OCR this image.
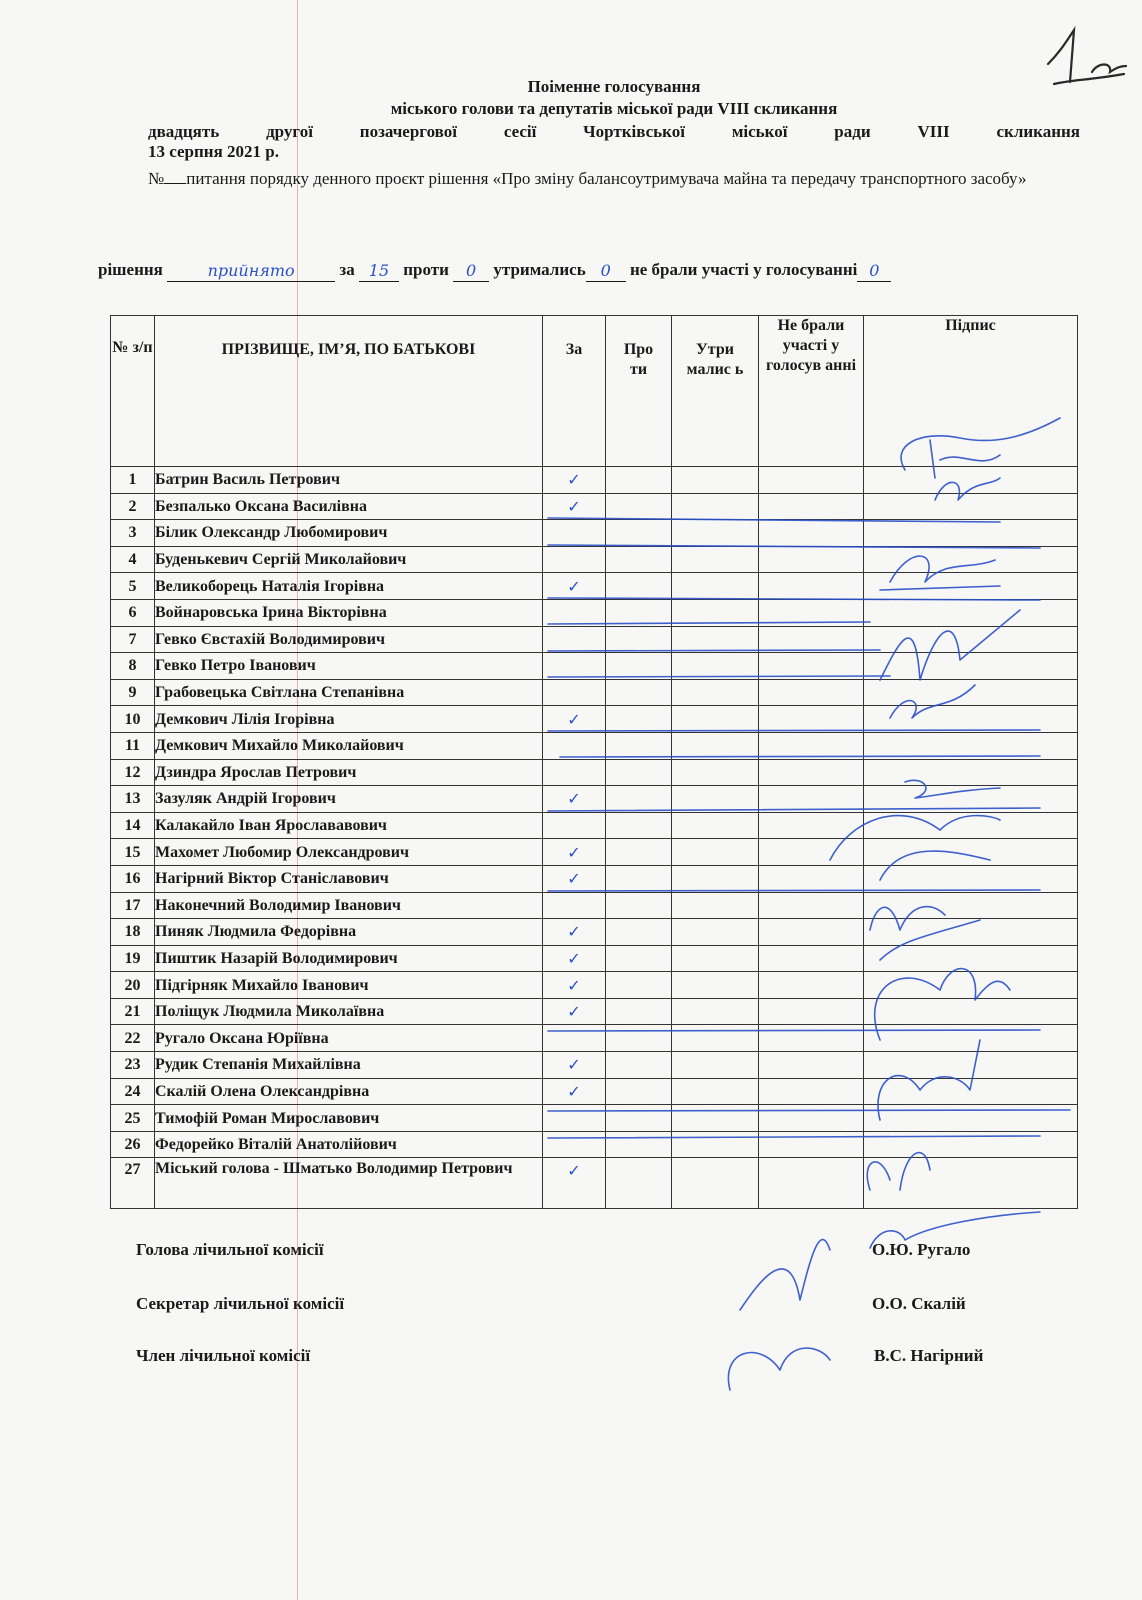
Поіменне голосування
міського голови та депутатів міської ради VIII скликання
двадцять другої позачергової сесії Чортківської міської ради VIII скликання
13 серпня 2021 р.
№ питання порядку денного проєкт рішення «Про зміну балансоутримувача майна та передачу транспортного засобу»
рішення	прийнято	за 15 проти 0 утримались 0 не брали участі у голосуванні 0
№ з/п	ПРІЗВИЩЕ, ІМ’Я, ПО БАТЬКОВІ	За	Про ти	Утри малис ь	Не брали участі у голосув анні	Підпис
1	Батрин Василь Петрович	✓				
2	Безпалько Оксана Василівна	✓				
3	Білик Олександр Любомирович					
4	Буденькевич Сергій Миколайович					
5	Великоборець Наталія Ігорівна	✓				
6	Войнаровська Ірина Вікторівна					
7	Гевко Євстахій Володимирович					
8	Гевко Петро Іванович					
9	Грабовецька Світлана Степанівна					
10	Демкович Лілія Ігорівна	✓				
11	Демкович Михайло Миколайович					
12	Дзиндра Ярослав Петрович					
13	Зазуляк Андрій Ігорович	✓				
14	Калакайло Іван Ярослававович					
15	Махомет Любомир Олександрович	✓				
16	Нагірний Віктор Станіславович	✓				
17	Наконечний Володимир Іванович					
18	Пиняк Людмила Федорівна	✓				
19	Пиштик Назарій Володимирович	✓				
20	Підгірняк Михайло Іванович	✓				
21	Поліщук Людмила Миколаївна	✓				
22	Ругало Оксана Юріївна					
23	Рудик Степанія Михайлівна	✓				
24	Скалій Олена Олександрівна	✓				
25	Тимофій Роман Мирославович					
26	Федорейко Віталій Анатолійович					
27	Міський голова - Шматько Володимир Петрович	✓				
Голова лічильної комісії	О.Ю. Ругало
Секретар лічильної комісії	О.О. Скалій
Член лічильної комісії	В.С. Нагірний
